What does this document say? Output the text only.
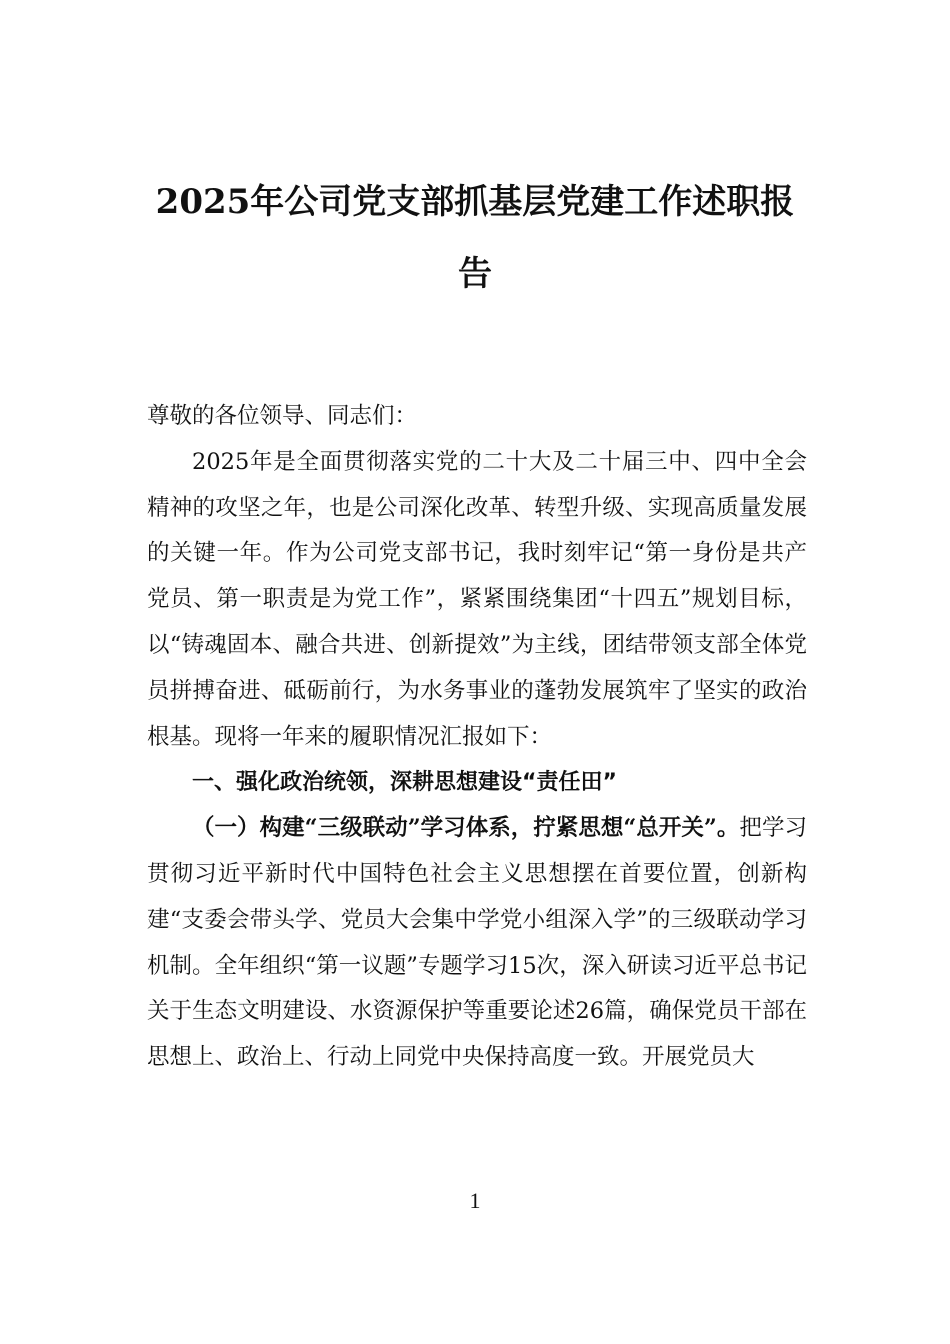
2025年公司党支部抓基层党建工作述职报告

尊敬的各位领导、同志们：

2025年是全面贯彻落实党的二十大及二十届三中、四中全会精神的攻坚之年，也是公司深化改革、转型升级、实现高质量发展的关键一年。作为公司党支部书记，我时刻牢记“第一身份是共产党员、第一职责是为党工作”，紧紧围绕集团“十四五”规划目标，以“铸魂固本、融合共进、创新提效”为主线，团结带领支部全体党员拼搏奋进、砥砺前行，为水务事业的蓬勃发展筑牢了坚实的政治根基。现将一年来的履职情况汇报如下：

一、强化政治统领，深耕思想建设“责任田”

（一）构建“三级联动”学习体系，拧紧思想“总开关”。把学习贯彻习近平新时代中国特色社会主义思想摆在首要位置，创新构建“支委会带头学、党员大会集中学党小组深入学”的三级联动学习机制。全年组织“第一议题”专题学习15次，深入研读习近平总书记关于生态文明建设、水资源保护等重要论述26篇，确保党员干部在思想上、政治上、行动上同党中央保持高度一致。开展党员大

1
